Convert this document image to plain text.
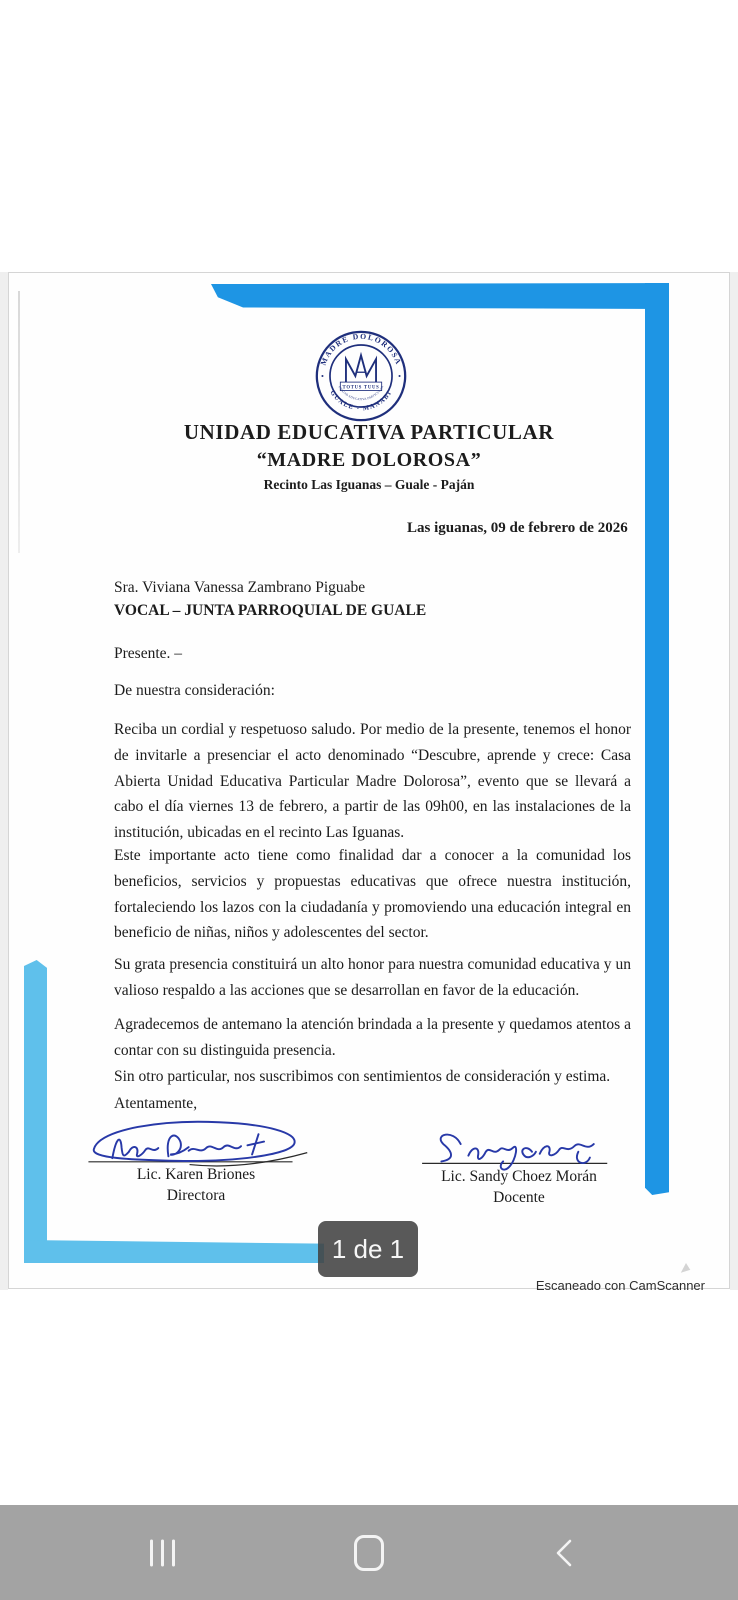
MADRE DOLOROSA
GUALE - MANABI
TOTUS TUUS
UNIDAD EDUCATIVA PARTICULAR
UNIDAD EDUCATIVA PARTICULAR
“MADRE DOLOROSA”
Recinto Las Iguanas – Guale - Paján
Las iguanas, 09 de febrero de 2026
Sra. Viviana Vanessa Zambrano Piguabe
VOCAL – JUNTA PARROQUIAL DE GUALE
Presente. –
De nuestra consideración:
Reciba un cordial y respetuoso saludo. Por medio de la presente, tenemos el honor de invitarle a presenciar el acto denominado “Descubre, aprende y crece: Casa Abierta Unidad Educativa Particular Madre Dolorosa”, evento que se llevará a cabo el día viernes 13 de febrero, a partir de las 09h00, en las instalaciones de la institución, ubicadas en el recinto Las Iguanas.
Este importante acto tiene como finalidad dar a conocer a la comunidad los beneficios, servicios y propuestas educativas que ofrece nuestra institución, fortaleciendo los lazos con la ciudadanía y promoviendo una educación integral en beneficio de niñas, niños y adolescentes del sector.
Su grata presencia constituirá un alto honor para nuestra comunidad educativa y un valioso respaldo a las acciones que se desarrollan en favor de la educación.
Agradecemos de antemano la atención brindada a la presente y quedamos atentos a contar con su distinguida presencia.
Sin otro particular, nos suscribimos con sentimientos de consideración y estima.
Atentamente,
Lic. Karen Briones
Directora
Lic. Sandy Choez Morán
Docente
Escaneado con CamScanner
1 de 1
